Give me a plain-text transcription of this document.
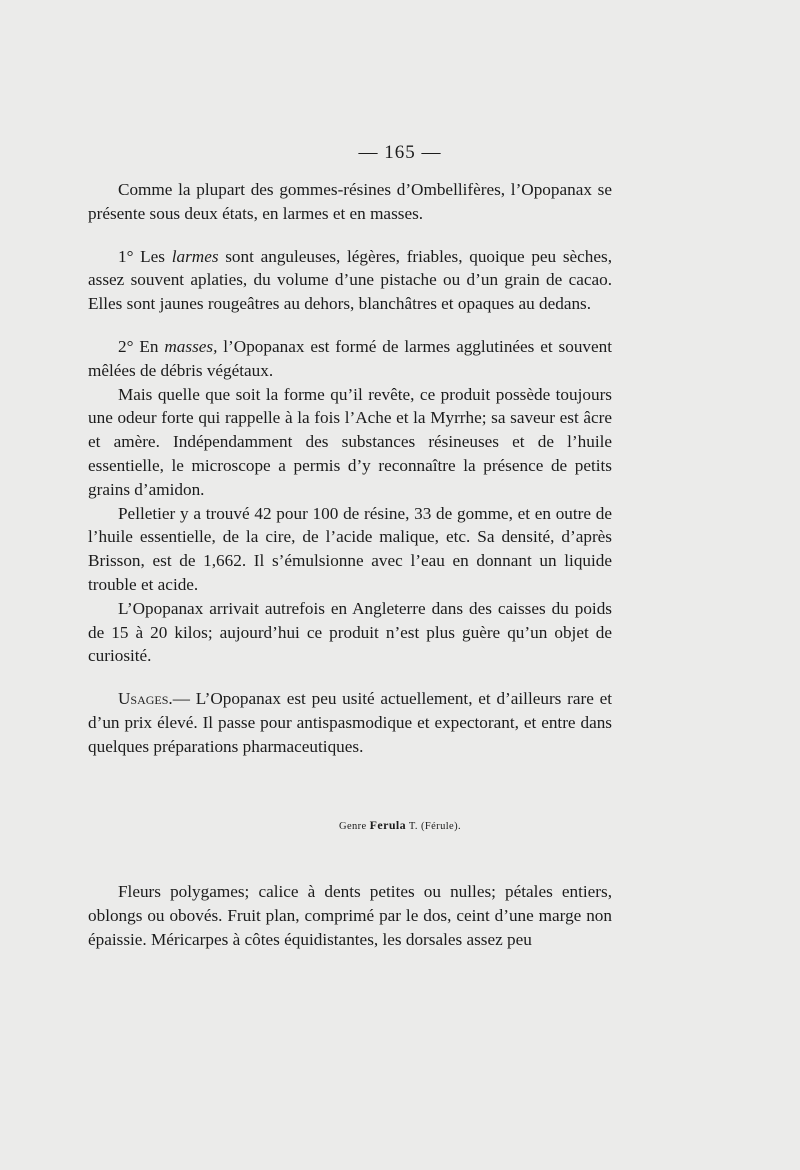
— 165 —

Comme la plupart des gommes-résines d’Ombellifères, l’Opopanax se présente sous deux états, en larmes et en masses.

1° Les larmes sont anguleuses, légères, friables, quoique peu sèches, assez souvent aplaties, du volume d’une pistache ou d’un grain de cacao. Elles sont jaunes rougeâtres au dehors, blanchâtres et opaques au dedans.

2° En masses, l’Opopanax est formé de larmes agglutinées et souvent mêlées de débris végétaux.

Mais quelle que soit la forme qu’il revête, ce produit possède toujours une odeur forte qui rappelle à la fois l’Ache et la Myrrhe; sa saveur est âcre et amère. Indépendamment des substances résineuses et de l’huile essentielle, le microscope a permis d’y reconnaître la présence de petits grains d’amidon.

Pelletier y a trouvé 42 pour 100 de résine, 33 de gomme, et en outre de l’huile essentielle, de la cire, de l’acide malique, etc. Sa densité, d’après Brisson, est de 1,662. Il s’émulsionne avec l’eau en donnant un liquide trouble et acide.

L’Opopanax arrivait autrefois en Angleterre dans des caisses du poids de 15 à 20 kilos; aujourd’hui ce produit n’est plus guère qu’un objet de curiosité.

Usages.— L’Opopanax est peu usité actuellement, et d’ailleurs rare et d’un prix élevé. Il passe pour antispasmodique et expectorant, et entre dans quelques préparations pharmaceutiques.

Genre Ferula T. (Férule).

Fleurs polygames; calice à dents petites ou nulles; pétales entiers, oblongs ou obovés. Fruit plan, comprimé par le dos, ceint d’une marge non épaissie. Méricarpes à côtes équidistantes, les dorsales assez peu
